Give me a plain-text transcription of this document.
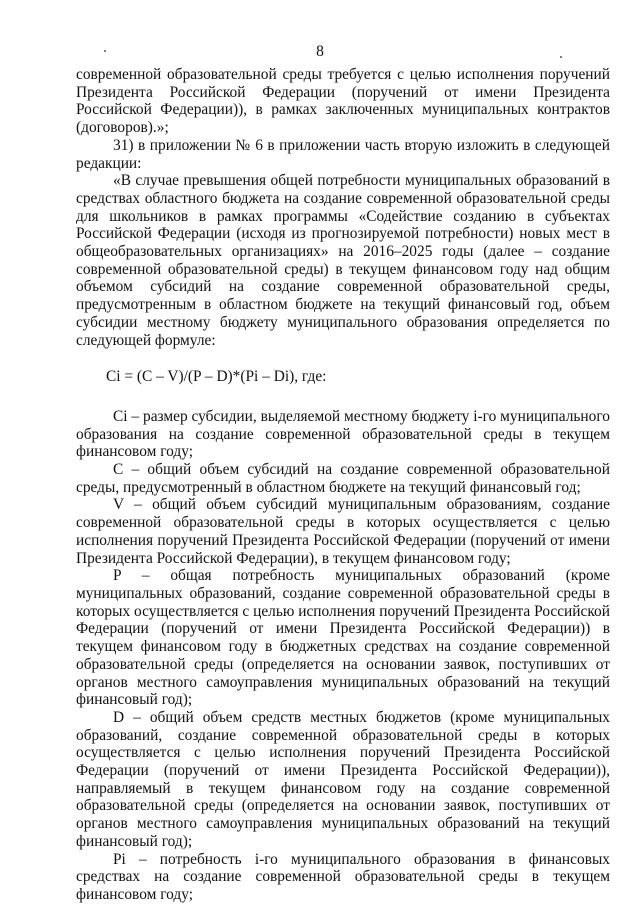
8

современной образовательной среды требуется с целью исполнения поручений Президента Российской Федерации (поручений от имени Президента Российской Федерации)), в рамках заключенных муниципальных контрактов (договоров).»;

31) в приложении № 6 в приложении часть вторую изложить в следующей редакции:

«В случае превышения общей потребности муниципальных образований в средствах областного бюджета на создание современной образовательной среды для школьников в рамках программы «Содействие созданию в субъектах Российской Федерации (исходя из прогнозируемой потребности) новых мест в общеобразовательных организациях» на 2016–2025 годы (далее – создание современной образовательной среды) в текущем финансовом году над общим объемом субсидий на создание современной образовательной среды, предусмотренным в областном бюджете на текущий финансовый год, объем субсидии местному бюджету муниципального образования определяется по следующей формуле:

Ci = (C – V)/(P – D)*(Pi – Di), где:

Ci – размер субсидии, выделяемой местному бюджету i-го муниципального образования на создание современной образовательной среды в текущем финансовом году;

С – общий объем субсидий на создание современной образовательной среды, предусмотренный в областном бюджете на текущий финансовый год;

V – общий объем субсидий муниципальным образованиям, создание современной образовательной среды в которых осуществляется с целью исполнения поручений Президента Российской Федерации (поручений от имени Президента Российской Федерации), в текущем финансовом году;

P – общая потребность муниципальных образований (кроме муниципальных образований, создание современной образовательной среды в которых осуществляется с целью исполнения поручений Президента Российской Федерации (поручений от имени Президента Российской Федерации)) в текущем финансовом году в бюджетных средствах на создание современной образовательной среды (определяется на основании заявок, поступивших от органов местного самоуправления муниципальных образований на текущий финансовый год);

D – общий объем средств местных бюджетов (кроме муниципальных образований, создание современной образовательной среды в которых осуществляется с целью исполнения поручений Президента Российской Федерации (поручений от имени Президента Российской Федерации)), направляемый в текущем финансовом году на создание современной образовательной среды (определяется на основании заявок, поступивших от органов местного самоуправления муниципальных образований на текущий финансовый год);

Pi – потребность i-го муниципального образования в финансовых средствах на создание современной образовательной среды в текущем финансовом году;
